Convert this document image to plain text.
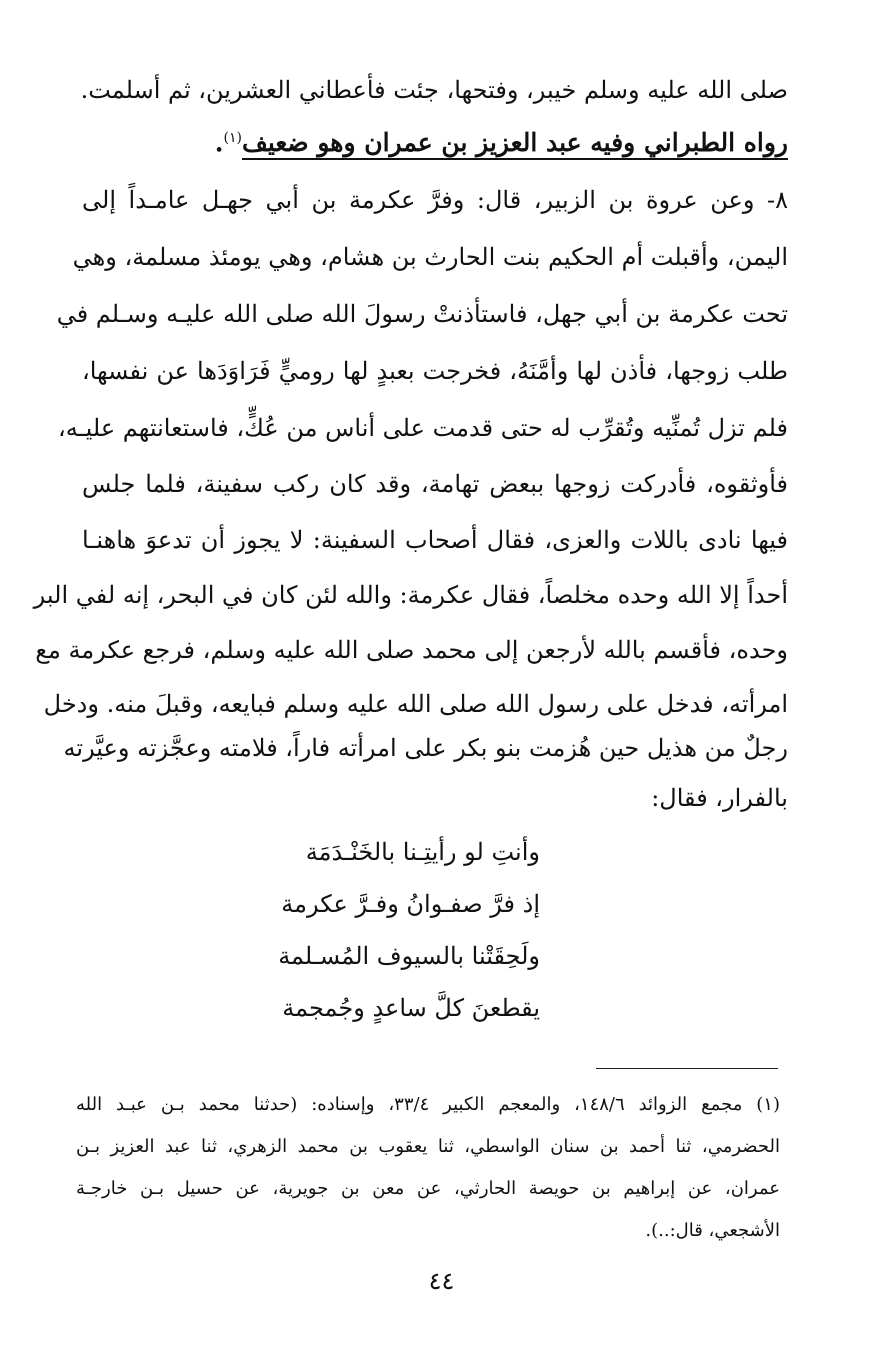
صلى الله عليه وسلم خيبر، وفتحها، جئت فأعطاني العشرين، ثم أسلمت.
رواه الطبراني وفيه عبد العزيز بن عمران وهو ضعيف$^{(١)}$.
٨- وعن عروة بن الزبير، قال: وفرَّ عكرمة بن أبي جهـل عامـداً إلى
اليمن، وأقبلت أم الحكيم بنت الحارث بن هشام، وهي يومئذ مسلمة، وهي
تحت عكرمة بن أبي جهل، فاستأذنتْ رسولَ الله صلى الله عليـه وسـلم في
طلب زوجها، فأذن لها وأمَّنَهُ، فخرجت بعبدٍ لها روميٍّ فَرَاوَدَها عن نفسها،
فلم تزل تُمنِّيه وتُقرِّب له حتى قدمت على أناس من عُكٍّ، فاستعانتهم عليـه،
فأوثقوه، فأدركت زوجها ببعض تهامة، وقد كان ركب سفينة، فلما جلس
فيها نادى باللات والعزى، فقال أصحاب السفينة: لا يجوز أن تدعوَ هاهنـا
أحداً إلا الله وحده مخلصاً، فقال عكرمة: والله لئن كان في البحر، إنه لفي البر
وحده، فأقسم بالله لأرجعن إلى محمد صلى الله عليه وسلم، فرجع عكرمة مع
امرأته، فدخل على رسول الله صلى الله عليه وسلم فبايعه، وقبلَ منه. ودخل
رجلٌ من هذيل حين هُزمت بنو بكر على امرأته فاراً، فلامته وعجَّزته وعيَّرته
بالفرار، فقال:
وأنتِ لو رأيتِـنا بالخَنْـدَمَة
إذ فرَّ صفـوانُ وفـرَّ عكرمة
ولَحِقَتْنا بالسيوف المُسـلمة
يقطعنَ كلَّ ساعدٍ وجُمجمة
(١) مجمع الزوائد ١٤٨/٦، والمعجم الكبير ٣٣/٤، وإسناده: (حدثنا محمد بـن عبـد الله
الحضرمي، ثنا أحمد بن سنان الواسطي، ثنا يعقوب بن محمد الزهري، ثنا عبد العزيز بـن
عمران، عن إبراهيم بن حويصة الحارثي، عن معن بن جويرية، عن حسيل بـن خارجـة
الأشجعي، قال:..).
٤٤
